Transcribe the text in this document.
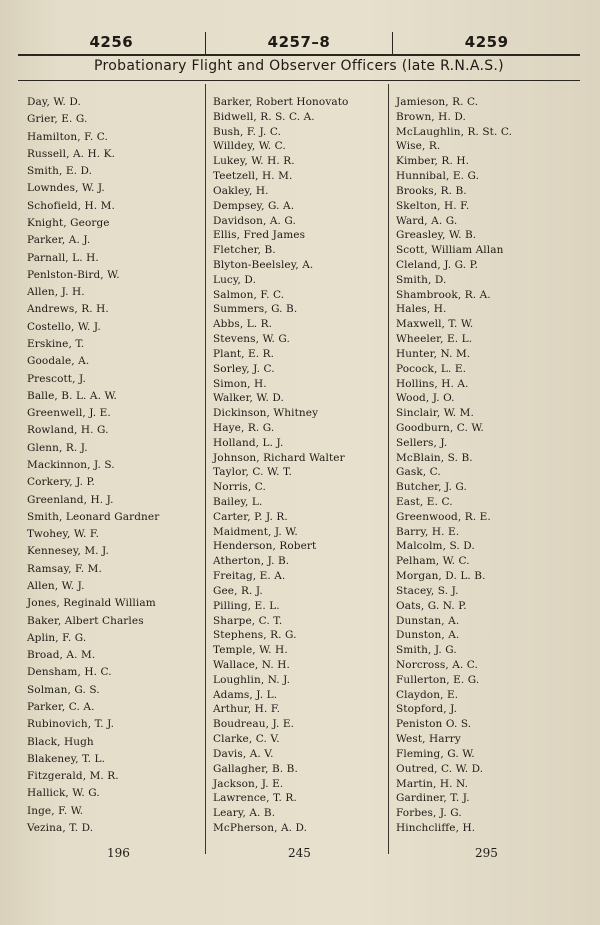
4256	4257–8	4259
Probationary Flight and Observer Officers (late R.N.A.S.)
Day, W. D.
Grier, E. G.
Hamilton, F. C.
Russell, A. H. K.
Smith, E. D.
Lowndes, W. J.
Schofield, H. M.
Knight, George
Parker, A. J.
Parnall, L. H.
Penlston-Bird, W.
Allen, J. H.
Andrews, R. H.
Costello, W. J.
Erskine, T.
Goodale, A.
Prescott, J.
Balle, B. L. A. W.
Greenwell, J. E.
Rowland, H. G.
Glenn, R. J.
Mackinnon, J. S.
Corkery, J. P.
Greenland, H. J.
Smith, Leonard Gardner
Twohey, W. F.
Kennesey, M. J.
Ramsay, F. M.
Allen, W. J.
Jones, Reginald William
Baker, Albert Charles
Aplin, F. G.
Broad, A. M.
Densham, H. C.
Solman, G. S.
Parker, C. A.
Rubinovich, T. J.
Black, Hugh
Blakeney, T. L.
Fitzgerald, M. R.
Hallick, W. G.
Inge, F. W.
Vezina, T. D.
Barker, Robert Honovato
Bidwell, R. S. C. A.
Bush, F. J. C.
Willdey, W. C.
Lukey, W. H. R.
Teetzell, H. M.
Oakley, H.
Dempsey, G. A.
Davidson, A. G.
Ellis, Fred James
Fletcher, B.
Blyton-Beelsley, A.
Lucy, D.
Salmon, F. C.
Summers, G. B.
Abbs, L. R.
Stevens, W. G.
Plant, E. R.
Sorley, J. C.
Simon, H.
Walker, W. D.
Dickinson, Whitney
Haye, R. G.
Holland, L. J.
Johnson, Richard Walter
Taylor, C. W. T.
Norris, C.
Bailey, L.
Carter, P. J. R.
Maidment, J. W.
Henderson, Robert
Atherton, J. B.
Freitag, E. A.
Gee, R. J.
Pilling, E. L.
Sharpe, C. T.
Stephens, R. G.
Temple, W. H.
Wallace, N. H.
Loughlin, N. J.
Adams, J. L.
Arthur, H. F.
Boudreau, J. E.
Clarke, C. V.
Davis, A. V.
Gallagher, B. B.
Jackson, J. E.
Lawrence, T. R.
Leary, A. B.
McPherson, A. D.
Jamieson, R. C.
Brown, H. D.
McLaughlin, R. St. C.
Wise, R.
Kimber, R. H.
Hunnibal, E. G.
Brooks, R. B.
Skelton, H. F.
Ward, A. G.
Greasley, W. B.
Scott, William Allan
Cleland, J. G. P.
Smith, D.
Shambrook, R. A.
Hales, H.
Maxwell, T. W.
Wheeler, E. L.
Hunter, N. M.
Pocock, L. E.
Hollins, H. A.
Wood, J. O.
Sinclair, W. M.
Goodburn, C. W.
Sellers, J.
McBlain, S. B.
Gask, C.
Butcher, J. G.
East, E. C.
Greenwood, R. E.
Barry, H. E.
Malcolm, S. D.
Pelham, W. C.
Morgan, D. L. B.
Stacey, S. J.
Oats, G. N. P.
Dunstan, A.
Dunston, A.
Smith, J. G.
Norcross, A. C.
Fullerton, E. G.
Claydon, E.
Stopford, J.
Peniston O. S.
West, Harry
Fleming, G. W.
Outred, C. W. D.
Martin, H. N.
Gardiner, T. J.
Forbes, J. G.
Hinchcliffe, H.
196	245	295
